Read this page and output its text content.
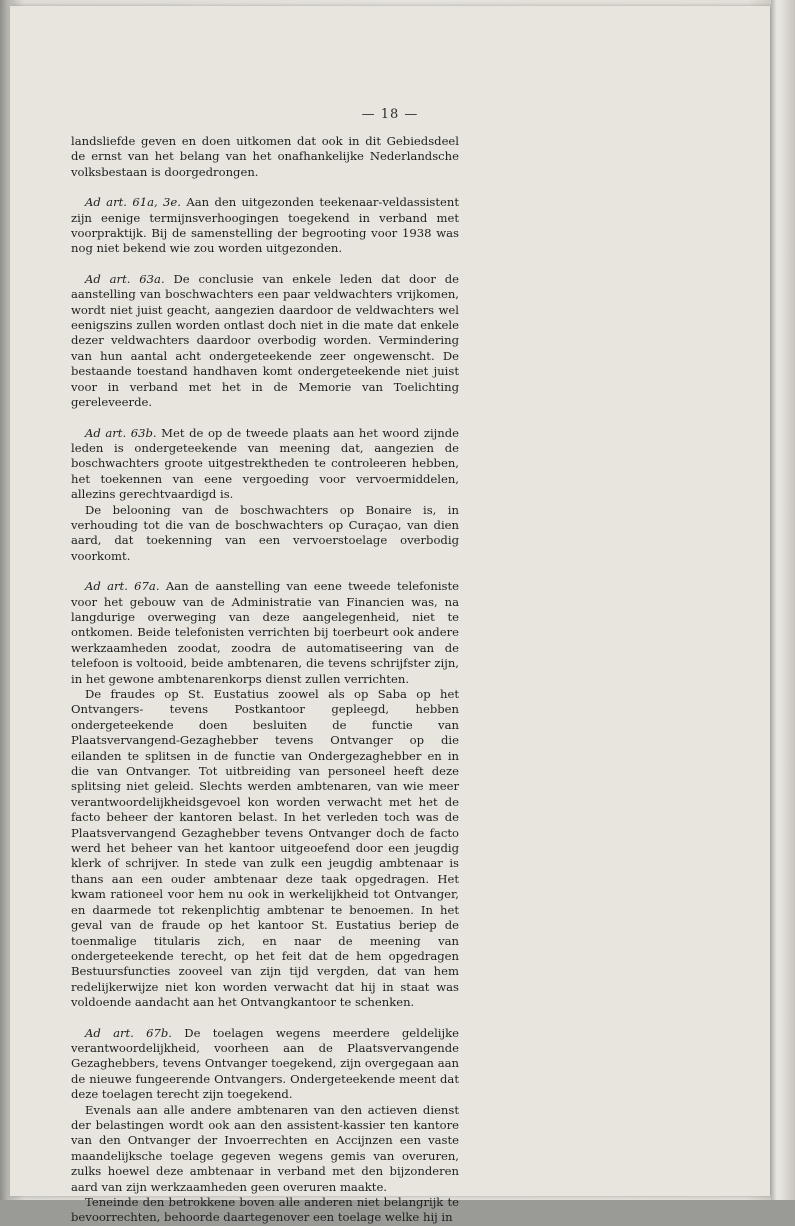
— 18 —

landsliefde geven en doen uitkomen dat ook in dit Gebiedsdeel de ernst van het belang van het onafhankelijke Nederlandsche volksbestaan is doorgedrongen.

Ad art. 61a, 3e. Aan den uitgezonden teekenaar-veldassistent zijn eenige termijnsverhoogingen toegekend in verband met voorpraktijk. Bij de samenstelling der begrooting voor 1938 was nog niet bekend wie zou worden uitgezonden.

Ad art. 63a. De conclusie van enkele leden dat door de aanstelling van boschwachters een paar veldwachters vrijkomen, wordt niet juist geacht, aangezien daardoor de veldwachters wel eenigszins zullen worden ontlast doch niet in die mate dat enkele dezer veldwachters daardoor overbodig worden. Vermindering van hun aantal acht ondergeteekende zeer ongewenscht. De bestaande toestand handhaven komt ondergeteekende niet juist voor in verband met het in de Memorie van Toelichting gereleveerde.

Ad art. 63b. Met de op de tweede plaats aan het woord zijnde leden is ondergeteekende van meening dat, aangezien de boschwachters groote uitgestrektheden te controleeren hebben, het toekennen van eene vergoeding voor vervoermiddelen, allezins gerechtvaardigd is.

De belooning van de boschwachters op Bonaire is, in verhouding tot die van de boschwachters op Curaçao, van dien aard, dat toekenning van een vervoerstoelage overbodig voorkomt.

Ad art. 67a. Aan de aanstelling van eene tweede telefoniste voor het gebouw van de Administratie van Financien was, na langdurige overweging van deze aangelegenheid, niet te ontkomen. Beide telefonisten verrichten bij toerbeurt ook andere werkzaamheden zoodat, zoodra de automatiseering van de telefoon is voltooid, beide ambtenaren, die tevens schrijfster zijn, in het gewone ambtenarenkorps dienst zullen verrichten.

De fraudes op St. Eustatius zoowel als op Saba op het Ontvangers- tevens Postkantoor gepleegd, hebben ondergeteekende doen besluiten de functie van Plaatsvervangend-Gezaghebber tevens Ontvanger op die eilanden te splitsen in de functie van Ondergezaghebber en in die van Ontvanger. Tot uitbreiding van personeel heeft deze splitsing niet geleid. Slechts werden ambtenaren, van wie meer verantwoordelijkheidsgevoel kon worden verwacht met het de facto beheer der kantoren belast. In het verleden toch was de Plaatsvervangend Gezaghebber tevens Ontvanger doch de facto werd het beheer van het kantoor uitgeoefend door een jeugdig klerk of schrijver. In stede van zulk een jeugdig ambtenaar is thans aan een ouder ambtenaar deze taak opgedragen. Het kwam rationeel voor hem nu ook in werkelijkheid tot Ontvanger, en daarmede tot rekenplichtig ambtenar te benoemen. In het geval van de fraude op het kantoor St. Eustatius beriep de toenmalige titularis zich, en naar de meening van ondergeteekende terecht, op het feit dat de hem opgedragen Bestuursfuncties zooveel van zijn tijd vergden, dat van hem redelijkerwijze niet kon worden verwacht dat hij in staat was voldoende aandacht aan het Ontvangkantoor te schenken.

Ad art. 67b. De toelagen wegens meerdere geldelijke verantwoordelijkheid, voorheen aan de Plaatsvervangende Gezaghebbers, tevens Ontvanger toegekend, zijn overgegaan aan de nieuwe fungeerende Ontvangers. Ondergeteekende meent dat deze toelagen terecht zijn toegekend.

Evenals aan alle andere ambtenaren van den actieven dienst der belastingen wordt ook aan den assistent-kassier ten kantore van den Ontvanger der Invoerrechten en Accijnzen een vaste maandelijksche toelage gegeven wegens gemis van overuren, zulks hoewel deze ambtenaar in verband met den bijzonderen aard van zijn werkzaamheden geen overuren maakte.

Teneinde den betrokkene boven alle anderen niet belangrijk te bevoorrechten, behoorde daartegenover een toelage welke hij in
